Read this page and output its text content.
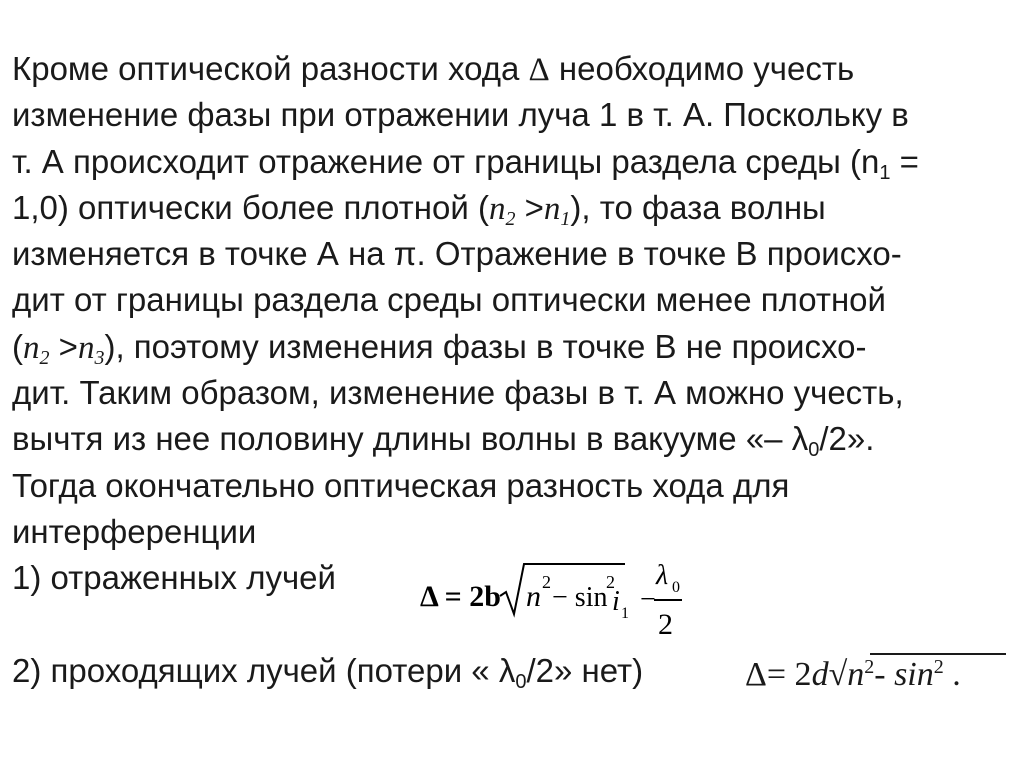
Кроме оптической разности хода Δ необходимо учесть
изменение фазы при отражении луча 1 в т. А. Поскольку в
т. А происходит отражение от границы раздела среды ($n_1$ =
1,0) оптически более плотной $(n_2 >n_1)$, то фаза волны
изменяется в точке А на π. Отражение в точке В происхо-
дит от границы раздела среды оптически менее плотной
$(n_2 >n_3)$, поэтому изменения фазы в точке В не происхо-
дит. Таким образом, изменение фазы в т. А можно учесть,
вычтя из нее половину длины волны в вакууме «– $\lambda_0/2$».
Тогда окончательно оптическая разность хода для
интерференции
1) отраженных лучей
2) проходящих лучей (потери « $\lambda_0/2$» нет)
Δ = 2b n 2 − sin
2
i 1 −
λ 0
2
$\Delta= 2d√n^2-$ $\sin^2$ .
